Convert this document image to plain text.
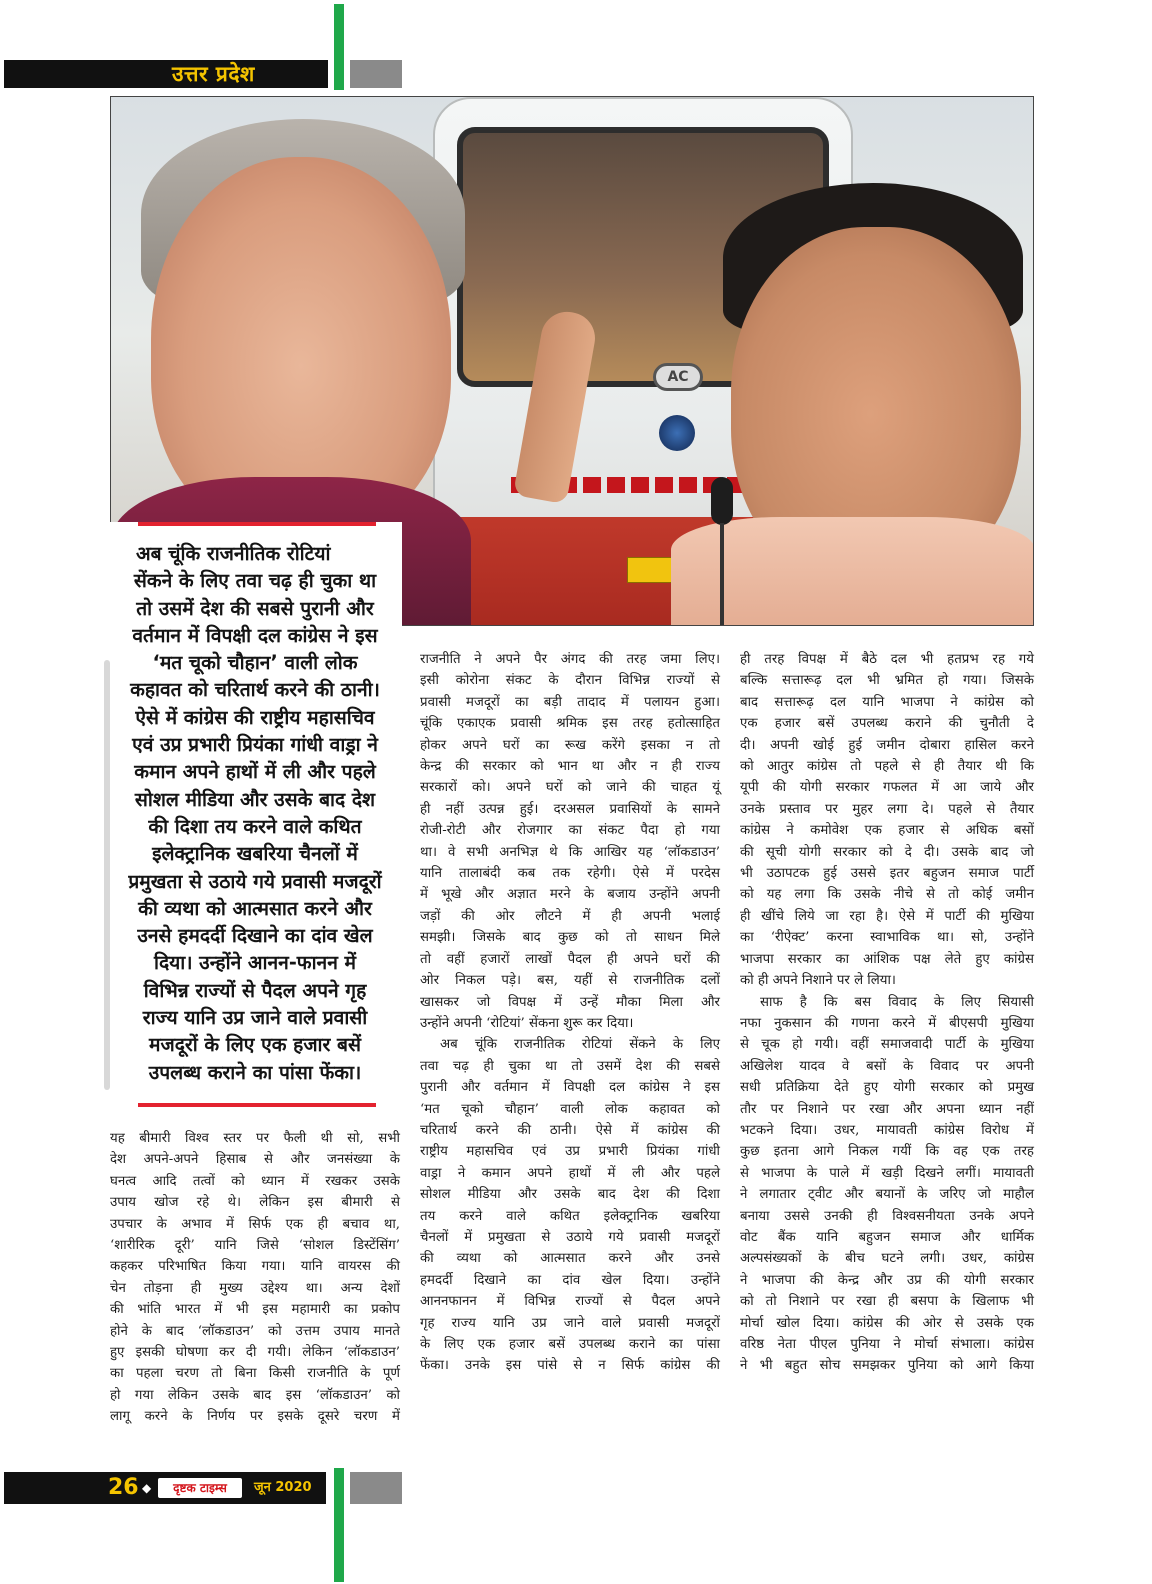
उत्तर प्रदेश
AC
अब चूंकि राजनीतिक रोटियां
सेंकने के लिए तवा चढ़ ही चुका था
तो उसमें देश की सबसे पुरानी और
वर्तमान में विपक्षी दल कांग्रेस ने इस
‘मत चूको चौहान’ वाली लोक
कहावत को चरितार्थ करने की ठानी।
ऐसे में कांग्रेस की राष्ट्रीय महासचिव
एवं उप्र प्रभारी प्रियंका गांधी वाड्रा ने
कमान अपने हाथों में ली और पहले
सोशल मीडिया और उसके बाद देश
की दिशा तय करने वाले कथित
इलेक्ट्रानिक खबरिया चैनलों में
प्रमुखता से उठाये गये प्रवासी मजदूरों
की व्यथा को आत्मसात करने और
उनसे हमदर्दी दिखाने का दांव खेल
दिया। उन्होंने आनन-फानन में
विभिन्न राज्यों से पैदल अपने गृह
राज्य यानि उप्र जाने वाले प्रवासी
मजदूरों के लिए एक हजार बसें
उपलब्ध कराने का पांसा फेंका।
यह बीमारी विश्व स्तर पर फैली थी सो, सभी
देश अपने-अपने हिसाब से और जनसंख्या के
घनत्व आदि तत्वों को ध्यान में रखकर उसके
उपाय खोज रहे थे। लेकिन इस बीमारी से
उपचार के अभाव में सिर्फ एक ही बचाव था,
‘शारीरिक दूरी’ यानि जिसे ‘सोशल डिस्टेंसिंग’
कहकर परिभाषित किया गया। यानि वायरस की
चेन तोड़ना ही मुख्य उद्देश्य था। अन्य देशों
की भांति भारत में भी इस महामारी का प्रकोप
होने के बाद ‘लॉकडाउन’ को उत्तम उपाय मानते
हुए इसकी घोषणा कर दी गयी। लेकिन ‘लॉकडाउन’
का पहला चरण तो बिना किसी राजनीति के पूर्ण
हो गया लेकिन उसके बाद इस ‘लॉकडाउन’ को
लागू करने के निर्णय पर इसके दूसरे चरण में
राजनीति ने अपने पैर अंगद की तरह जमा लिए।
इसी कोरोना संकट के दौरान विभिन्न राज्यों से
प्रवासी मजदूरों का बड़ी तादाद में पलायन हुआ।
चूंकि एकाएक प्रवासी श्रमिक इस तरह हतोत्साहित
होकर अपने घरों का रूख करेंगे इसका न तो
केन्द्र की सरकार को भान था और न ही राज्य
सरकारों को। अपने घरों को जाने की चाहत यूं
ही नहीं उत्पन्न हुई। दरअसल प्रवासियों के सामने
रोजी-रोटी और रोजगार का संकट पैदा हो गया
था। वे सभी अनभिज्ञ थे कि आखिर यह ‘लॉकडाउन’
यानि तालाबंदी कब तक रहेगी। ऐसे में परदेस
में भूखे और अज्ञात मरने के बजाय उन्होंने अपनी
जड़ों की ओर लौटने में ही अपनी भलाई
समझी। जिसके बाद कुछ को तो साधन मिले
तो वहीं हजारों लाखों पैदल ही अपने घरों की
ओर निकल पड़े। बस, यहीं से राजनीतिक दलों
खासकर जो विपक्ष में उन्हें मौका मिला और
उन्होंने अपनी ‘रोटियां’ सेंकना शुरू कर दिया।
अब चूंकि राजनीतिक रोटियां सेंकने के लिए
तवा चढ़ ही चुका था तो उसमें देश की सबसे
पुरानी और वर्तमान में विपक्षी दल कांग्रेस ने इस
‘मत चूको चौहान’ वाली लोक कहावत को
चरितार्थ करने की ठानी। ऐसे में कांग्रेस की
राष्ट्रीय महासचिव एवं उप्र प्रभारी प्रियंका गांधी
वाड्रा ने कमान अपने हाथों में ली और पहले
सोशल मीडिया और उसके बाद देश की दिशा
तय करने वाले कथित इलेक्ट्रानिक खबरिया
चैनलों में प्रमुखता से उठाये गये प्रवासी मजदूरों
की व्यथा को आत्मसात करने और उनसे
हमदर्दी दिखाने का दांव खेल दिया। उन्होंने
आननफानन में विभिन्न राज्यों से पैदल अपने
गृह राज्य यानि उप्र जाने वाले प्रवासी मजदूरों
के लिए एक हजार बसें उपलब्ध कराने का पांसा
फेंका। उनके इस पांसे से न सिर्फ कांग्रेस की
ही तरह विपक्ष में बैठे दल भी हतप्रभ रह गये
बल्कि सत्तारूढ़ दल भी भ्रमित हो गया। जिसके
बाद सत्तारूढ़ दल यानि भाजपा ने कांग्रेस को
एक हजार बसें उपलब्ध कराने की चुनौती दे
दी। अपनी खोई हुई जमीन दोबारा हासिल करने
को आतुर कांग्रेस तो पहले से ही तैयार थी कि
यूपी की योगी सरकार गफलत में आ जाये और
उनके प्रस्ताव पर मुहर लगा दे। पहले से तैयार
कांग्रेस ने कमोवेश एक हजार से अधिक बसों
की सूची योगी सरकार को दे दी। उसके बाद जो
भी उठापटक हुई उससे इतर बहुजन समाज पार्टी
को यह लगा कि उसके नीचे से तो कोई जमीन
ही खींचे लिये जा रहा है। ऐसे में पार्टी की मुखिया
का ‘रीऐक्ट’ करना स्वाभाविक था। सो, उन्होंने
भाजपा सरकार का आंशिक पक्ष लेते हुए कांग्रेस
को ही अपने निशाने पर ले लिया।
साफ है कि बस विवाद के लिए सियासी
नफा नुकसान की गणना करने में बीएसपी मुखिया
से चूक हो गयी। वहीं समाजवादी पार्टी के मुखिया
अखिलेश यादव वे बसों के विवाद पर अपनी
सधी प्रतिक्रिया देते हुए योगी सरकार को प्रमुख
तौर पर निशाने पर रखा और अपना ध्यान नहीं
भटकने दिया। उधर, मायावती कांग्रेस विरोध में
कुछ इतना आगे निकल गयीं कि वह एक तरह
से भाजपा के पाले में खड़ी दिखने लगीं। मायावती
ने लगातार ट्वीट और बयानों के जरिए जो माहौल
बनाया उससे उनकी ही विश्वसनीयता उनके अपने
वोट बैंक यानि बहुजन समाज और धार्मिक
अल्पसंख्यकों के बीच घटने लगी। उधर, कांग्रेस
ने भाजपा की केन्द्र और उप्र की योगी सरकार
को तो निशाने पर रखा ही बसपा के खिलाफ भी
मोर्चा खोल दिया। कांग्रेस की ओर से उसके एक
वरिष्ठ नेता पीएल पुनिया ने मोर्चा संभाला। कांग्रेस
ने भी बहुत सोच समझकर पुनिया को आगे किया
26 ◆	दृष्टक टाइम्स	जून 2020
